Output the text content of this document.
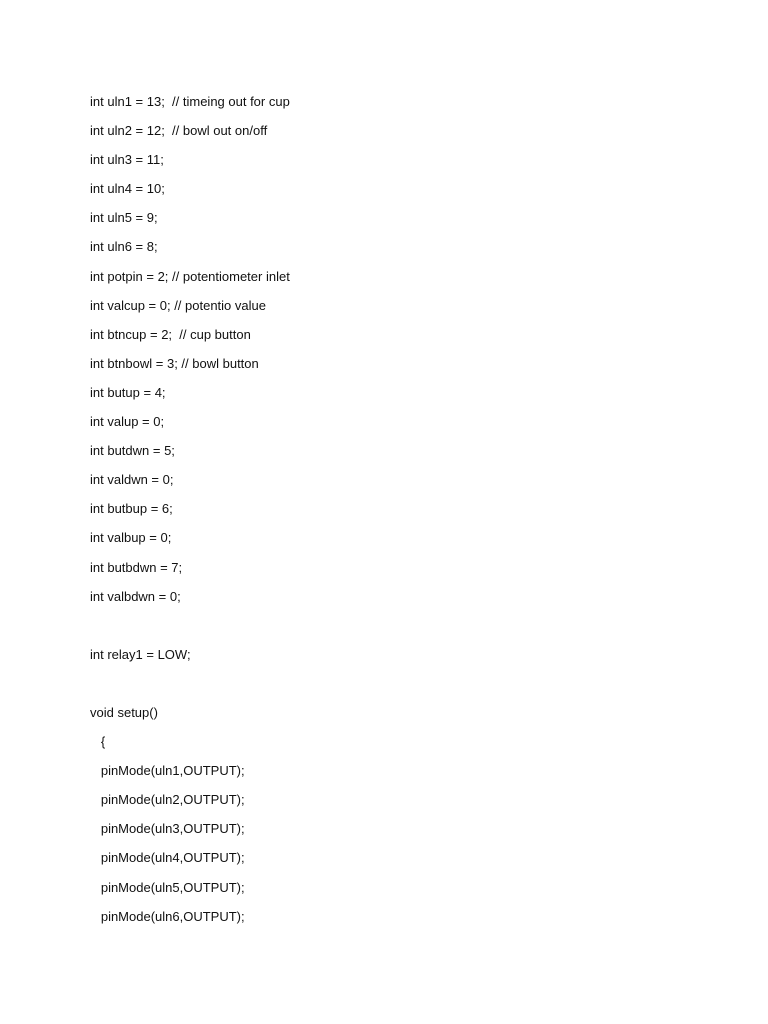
int uln1 = 13;  // timeing out for cup
int uln2 = 12;  // bowl out on/off
int uln3 = 11;
int uln4 = 10;
int uln5 = 9;
int uln6 = 8;
int potpin = 2; // potentiometer inlet
int valcup = 0; // potentio value
int btncup = 2;  // cup button
int btnbowl = 3; // bowl button
int butup = 4;
int valup = 0;
int butdwn = 5;
int valdwn = 0;
int butbup = 6;
int valbup = 0;
int butbdwn = 7;
int valbdwn = 0;
int relay1 = LOW;
void setup()
{
pinMode(uln1,OUTPUT);
pinMode(uln2,OUTPUT);
pinMode(uln3,OUTPUT);
pinMode(uln4,OUTPUT);
pinMode(uln5,OUTPUT);
pinMode(uln6,OUTPUT);
